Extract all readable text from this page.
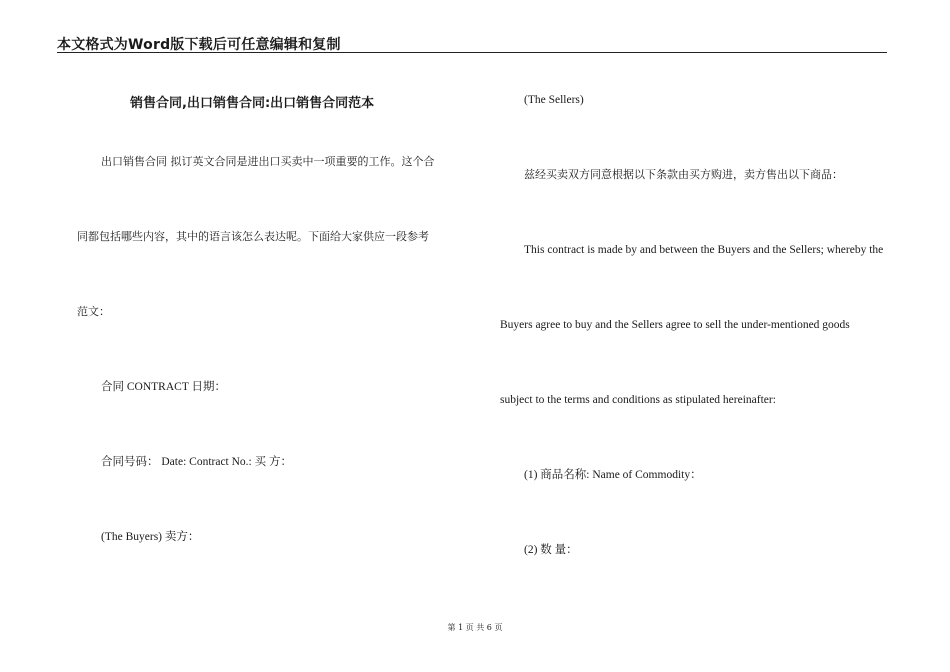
本文格式为Word版下载后可任意编辑和复制
销售合同,出口销售合同:出口销售合同范本
出口销售合同 拟订英文合同是进出口买卖中一项重要的工作。这个合
同都包括哪些内容，其中的语言该怎么表达呢。下面给大家供应一段参考
范文：
合同 CONTRACT 日期：
合同号码： Date: Contract No.: 买 方：
(The Buyers) 卖方：
(The Sellers)
兹经买卖双方同意根据以下条款由买方购进，卖方售出以下商品：
This contract is made by and between the Buyers and the Sellers; whereby the
Buyers agree to buy and the Sellers agree to sell the under-mentioned goods
subject to the terms and conditions as stipulated hereinafter:
(1) 商品名称: Name of Commodity：
(2) 数 量：
第 1 页 共 6 页
